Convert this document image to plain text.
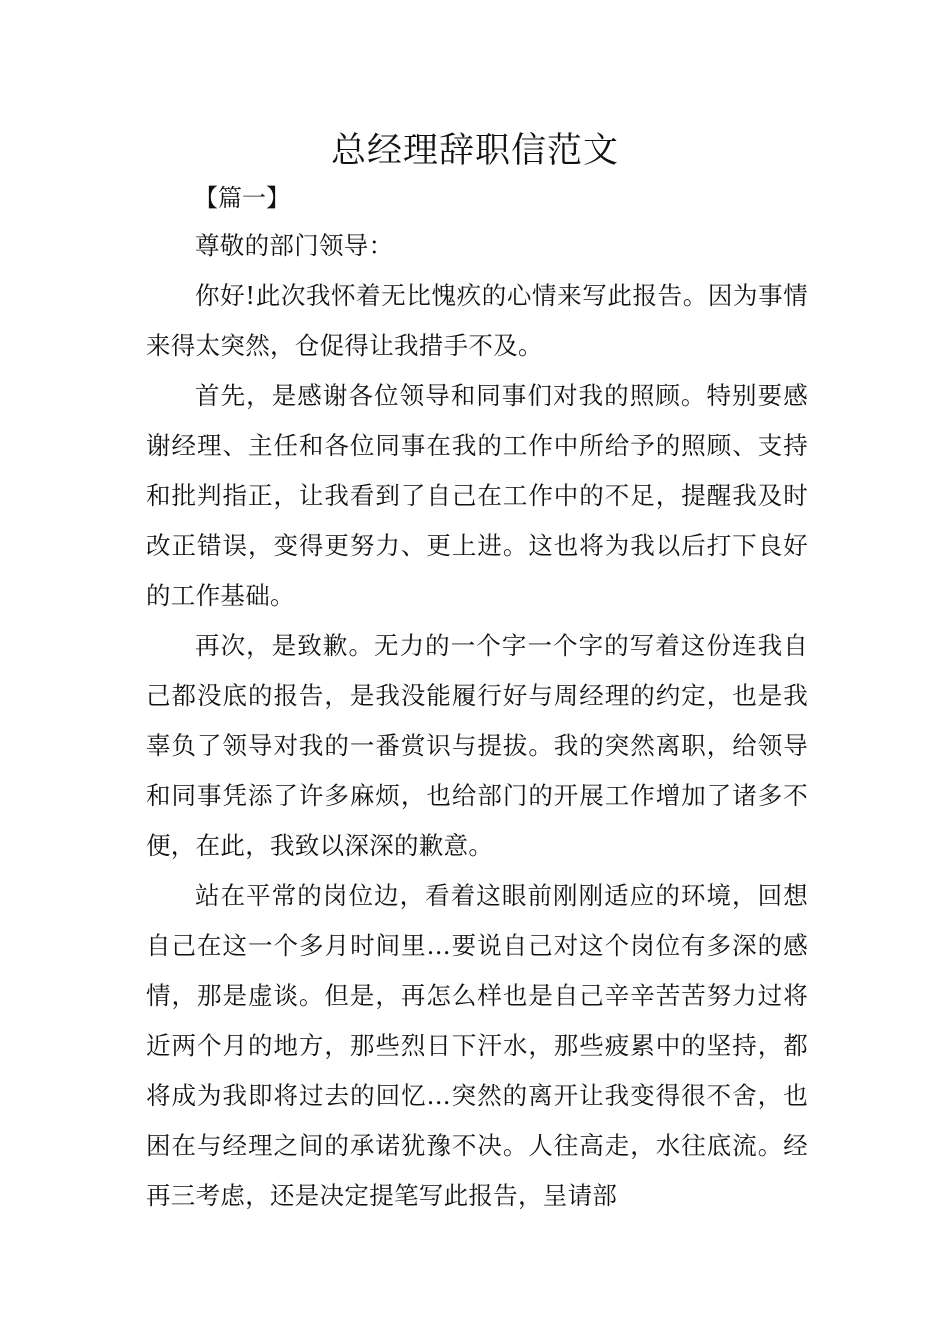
总经理辞职信范文
【篇一】

尊敬的部门领导：

你好!此次我怀着无比愧疚的心情来写此报告。因为事情来得太突然，仓促得让我措手不及。

首先，是感谢各位领导和同事们对我的照顾。特别要感谢经理、主任和各位同事在我的工作中所给予的照顾、支持和批判指正，让我看到了自己在工作中的不足，提醒我及时改正错误，变得更努力、更上进。这也将为我以后打下良好的工作基础。

再次，是致歉。无力的一个字一个字的写着这份连我自己都没底的报告，是我没能履行好与周经理的约定，也是我辜负了领导对我的一番赏识与提拔。我的突然离职，给领导和同事凭添了许多麻烦，也给部门的开展工作增加了诸多不便，在此，我致以深深的歉意。

站在平常的岗位边，看着这眼前刚刚适应的环境，回想自己在这一个多月时间里...要说自己对这个岗位有多深的感情，那是虚谈。但是，再怎么样也是自己辛辛苦苦努力过将近两个月的地方，那些烈日下汗水，那些疲累中的坚持，都将成为我即将过去的回忆...突然的离开让我变得很不舍，也困在与经理之间的承诺犹豫不决。人往高走，水往底流。经再三考虑，还是决定提笔写此报告，呈请部
